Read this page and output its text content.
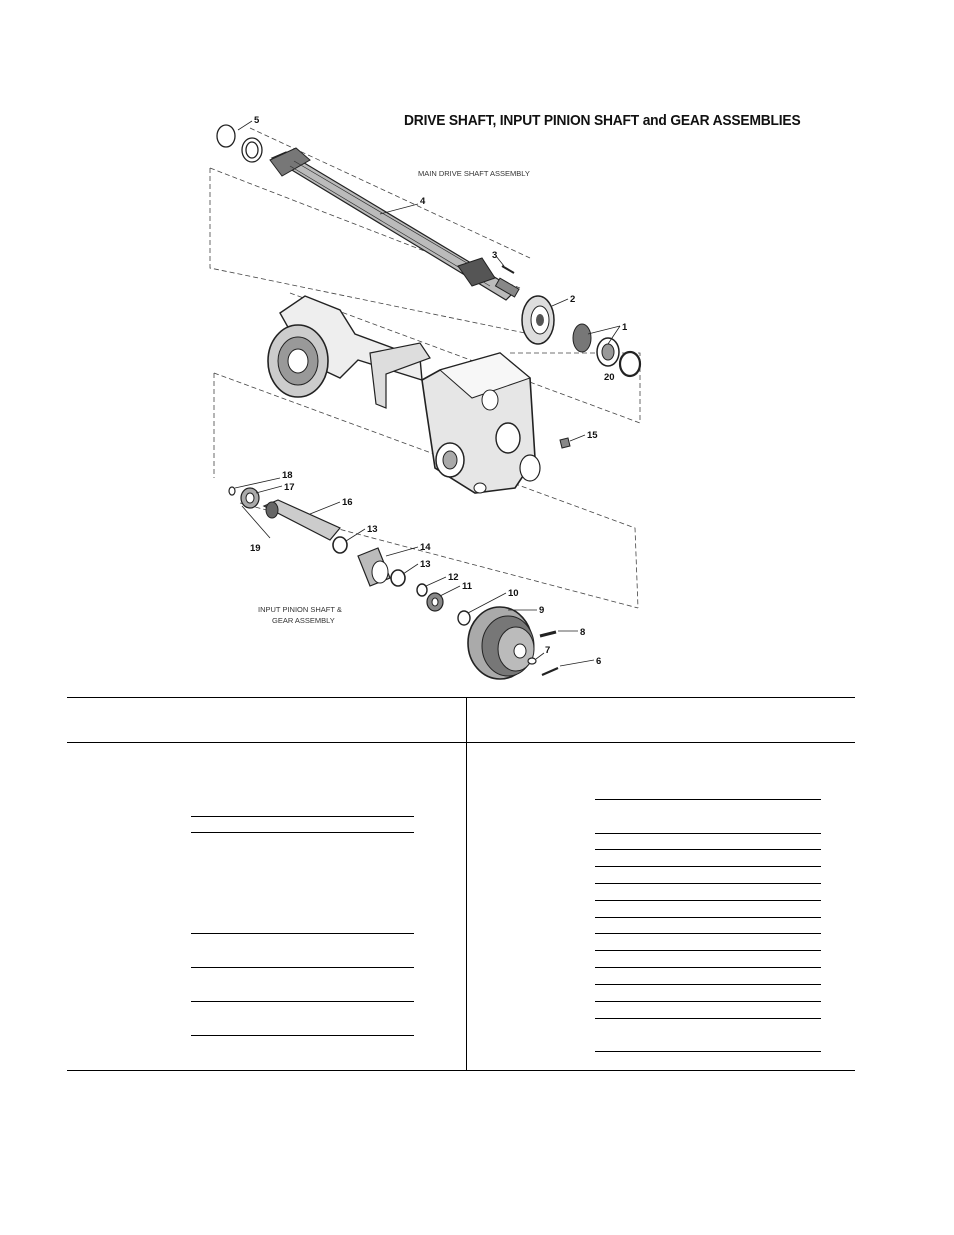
DRIVE SHAFT, INPUT PINION SHAFT and GEAR ASSEMBLIES
MAIN DRIVE SHAFT ASSEMBLY
INPUT PINION SHAFT &
GEAR ASSEMBLY
5
4
3
2
1
20
15
18
17
16
19
13
14
13
12
11
10
9
8
7
6
